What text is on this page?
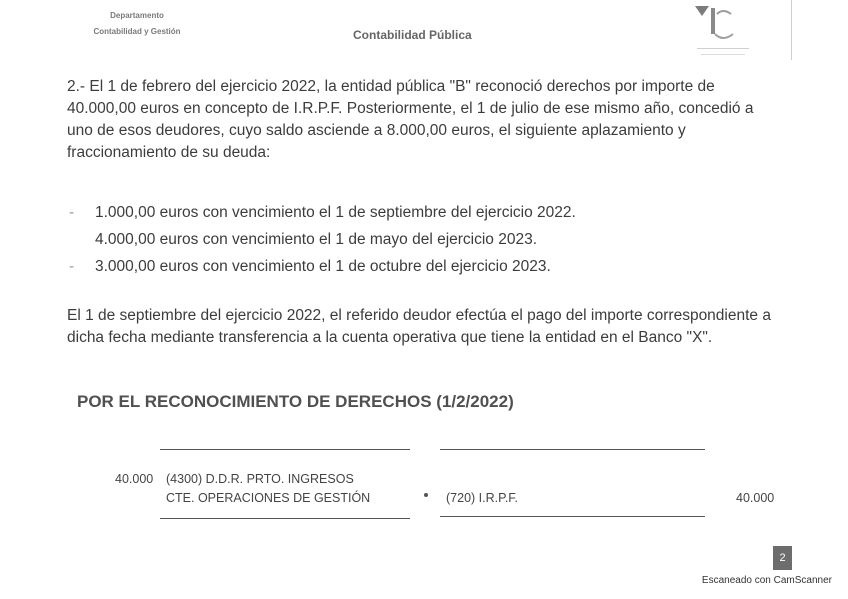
Departamento
Contabilidad y Gestión	Contabilidad Pública
2.- El 1 de febrero del ejercicio 2022, la entidad pública "B" reconoció derechos por importe de 40.000,00 euros en concepto de I.R.P.F. Posteriormente, el 1 de julio de ese mismo año, concedió a uno de esos deudores, cuyo saldo asciende a 8.000,00 euros, el siguiente aplazamiento y fraccionamiento de su deuda:
- 1.000,00 euros con vencimiento el 1 de septiembre del ejercicio 2022.
4.000,00 euros con vencimiento el 1 de mayo del ejercicio 2023.
- 3.000,00 euros con vencimiento el 1 de octubre del ejercicio 2023.
El 1 de septiembre del ejercicio 2022, el referido deudor efectúa el pago del importe correspondiente a dicha fecha mediante transferencia a la cuenta operativa que tiene la entidad en el Banco "X".
POR EL RECONOCIMIENTO DE DERECHOS (1/2/2022)
40.000 (4300) D.D.R. PRTO. INGRESOS
CTE. OPERACIONES DE GESTIÓN	(720) I.R.P.F.	40.000
2
Escaneado con CamScanner
